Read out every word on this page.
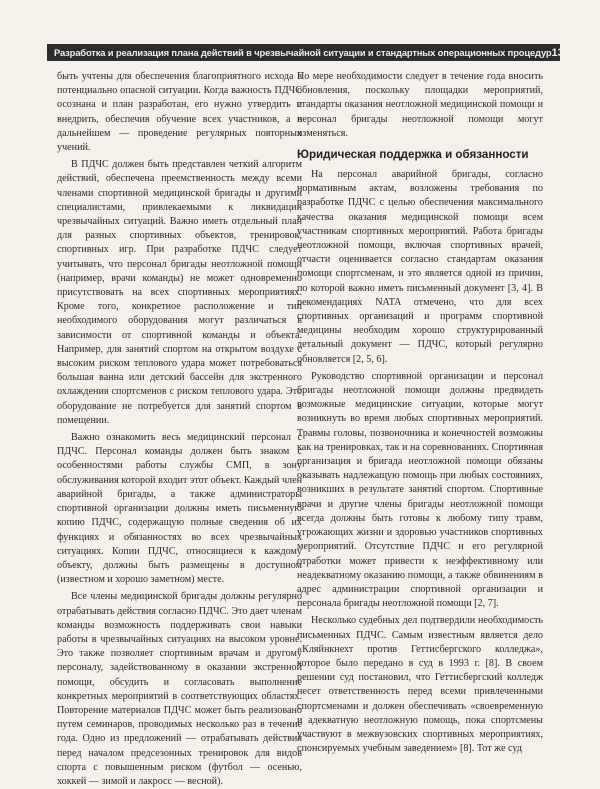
Разработка и реализация плана действий в чрезвычайной ситуации и стандартных операционных процедур 13

быть учтены для обеспечения благоприятного исхода в потенциально опасной ситуации. Когда важность ПДЧС осознана и план разработан, его нужно утвердить и внедрить, обеспечив обучение всех участников, а в дальнейшем — проведение регулярных повторных учений.

В ПДЧС должен быть представлен четкий алгоритм действий, обеспечена преемственность между всеми членами спортивной медицинской бригады и другими специалистами, привлекаемыми к ликвидации чрезвычайных ситуаций. Важно иметь отдельный план для разных спортивных объектов, тренировок, спортивных игр. При разработке ПДЧС следует учитывать, что персонал бригады неотложной помощи (например, врачи команды) не может одновременно присутствовать на всех спортивных мероприятиях. Кроме того, конкретное расположение и тип необходимого оборудования могут различаться в зависимости от спортивной команды и объекта. Например, для занятий спортом на открытом воздухе с высоким риском теплового удара может потребоваться большая ванна или детский бассейн для экстренного охлаждения спортсменов с риском теплового удара. Это оборудование не потребуется для занятий спортом в помещении.

Важно ознакомить весь медицинский персонал с ПДЧС. Персонал команды должен быть знаком с особенностями работы службы СМП, в зону обслуживания которой входит этот объект. Каждый член аварийной бригады, а также администраторы спортивной организации должны иметь письменную копию ПДЧС, содержащую полные сведения об их функциях и обязанностях во всех чрезвычайных ситуациях. Копии ПДЧС, относящиеся к каждому объекту, должны быть размещены в доступном (известном и хорошо заметном) месте.

Все члены медицинской бригады должны регулярно отрабатывать действия согласно ПДЧС. Это дает членам команды возможность поддерживать свои навыки работы в чрезвычайных ситуациях на высоком уровне. Это также позволяет спортивным врачам и другому персоналу, задействованному в оказании экстренной помощи, обсудить и согласовать выполнение конкретных мероприятий в соответствующих областях. Повторение материалов ПДЧС может быть реализовано путем семинаров, проводимых несколько раз в течение года. Одно из предложений — отрабатывать действия перед началом предсезонных тренировок для видов спорта с повышенным риском (футбол — осенью, хоккей — зимой и лакросс — весной).

По мере необходимости следует в течение года вносить обновления, поскольку площадки мероприятий, стандарты оказания неотложной медицинской помощи и персонал бригады неотложной помощи могут изменяться.

Юридическая поддержка и обязанности

На персонал аварийной бригады, согласно нормативным актам, возложены требования по разработке ПДЧС с целью обеспечения максимального качества оказания медицинской помощи всем участникам спортивных мероприятий. Работа бригады неотложной помощи, включая спортивных врачей, отчасти оценивается согласно стандартам оказания помощи спортсменам, и это является одной из причин, по которой важно иметь письменный документ [3, 4]. В рекомендациях NATA отмечено, что для всех спортивных организаций и программ спортивной медицины необходим хорошо структурированный детальный документ — ПДЧС, который регулярно обновляется [2, 5, 6].

Руководство спортивной организации и персонал бригады неотложной помощи должны предвидеть возможные медицинские ситуации, которые могут возникнуть во время любых спортивных мероприятий. Травмы головы, позвоночника и конечностей возможны как на тренировках, так и на соревнованиях. Спортивная организация и бригада неотложной помощи обязаны оказывать надлежащую помощь при любых состояниях, возникших в результате занятий спортом. Спортивные врачи и другие члены бригады неотложной помощи всегда должны быть готовы к любому типу травм, угрожающих жизни и здоровью участников спортивных мероприятий. Отсутствие ПДЧС и его регулярной отработки может привести к неэффективному или неадекватному оказанию помощи, а также обвинениям в адрес администрации спортивной организации и персонала бригады неотложной помощи [2, 7].

Несколько судебных дел подтвердили необходимость письменных ПДЧС. Самым известным является дело «Кляйнкнехт против Геттисбергского колледжа», которое было передано в суд в 1993 г. [8]. В своем решении суд постановил, что Геттисбергский колледж несет ответственность перед всеми привлеченными спортсменами и должен обеспечивать «своевременную и адекватную неотложную помощь, пока спортсмены участвуют в межвузовских спортивных мероприятиях, спонсируемых учебным заведением» [8]. Тот же суд
